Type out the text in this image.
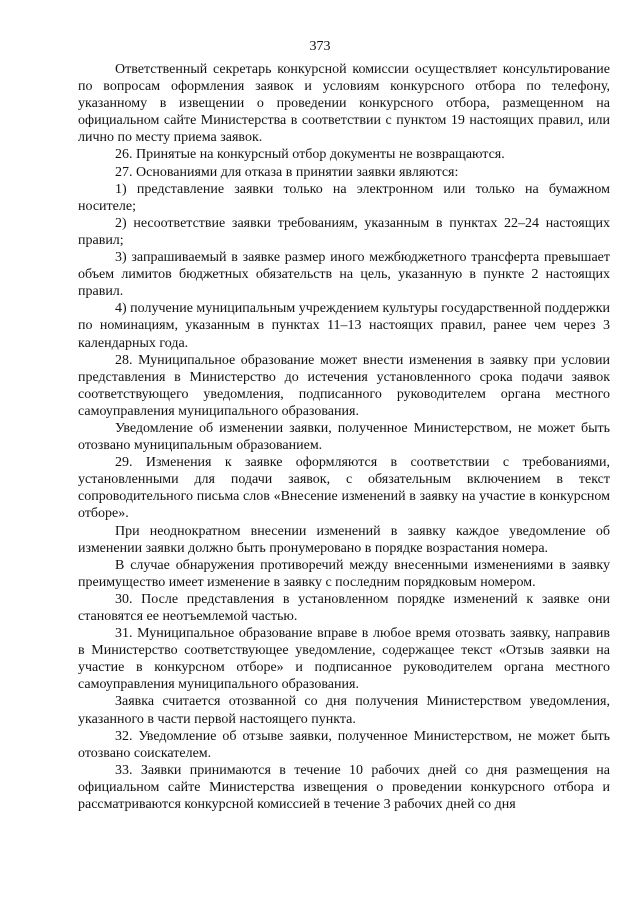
373

Ответственный секретарь конкурсной комиссии осуществляет консультирование по вопросам оформления заявок и условиям конкурсного отбора по телефону, указанному в извещении о проведении конкурсного отбора, размещенном на официальном сайте Министерства в соответствии с пунктом 19 настоящих правил, или лично по месту приема заявок.

26. Принятые на конкурсный отбор документы не возвращаются.

27. Основаниями для отказа в принятии заявки являются:

1) представление заявки только на электронном или только на бумажном носителе;

2) несоответствие заявки требованиям, указанным в пунктах 22–24 настоящих правил;

3) запрашиваемый в заявке размер иного межбюджетного трансферта превышает объем лимитов бюджетных обязательств на цель, указанную в пункте 2 настоящих правил.

4) получение муниципальным учреждением культуры государственной поддержки по номинациям, указанным в пунктах 11–13 настоящих правил, ранее чем через 3 календарных года.

28. Муниципальное образование может внести изменения в заявку при условии представления в Министерство до истечения установленного срока подачи заявок соответствующего уведомления, подписанного руководителем органа местного самоуправления муниципального образования.

Уведомление об изменении заявки, полученное Министерством, не может быть отозвано муниципальным образованием.

29. Изменения к заявке оформляются в соответствии с требованиями, установленными для подачи заявок, с обязательным включением в текст сопроводительного письма слов «Внесение изменений в заявку на участие в конкурсном отборе».

При неоднократном внесении изменений в заявку каждое уведомление об изменении заявки должно быть пронумеровано в порядке возрастания номера.

В случае обнаружения противоречий между внесенными изменениями в заявку преимущество имеет изменение в заявку с последним порядковым номером.

30. После представления в установленном порядке изменений к заявке они становятся ее неотъемлемой частью.

31. Муниципальное образование вправе в любое время отозвать заявку, направив в Министерство соответствующее уведомление, содержащее текст «Отзыв заявки на участие в конкурсном отборе» и подписанное руководителем органа местного самоуправления муниципального образования.

Заявка считается отозванной со дня получения Министерством уведомления, указанного в части первой настоящего пункта.

32. Уведомление об отзыве заявки, полученное Министерством, не может быть отозвано соискателем.

33. Заявки принимаются в течение 10 рабочих дней со дня размещения на официальном сайте Министерства извещения о проведении конкурсного отбора и рассматриваются конкурсной комиссией в течение 3 рабочих дней со дня
